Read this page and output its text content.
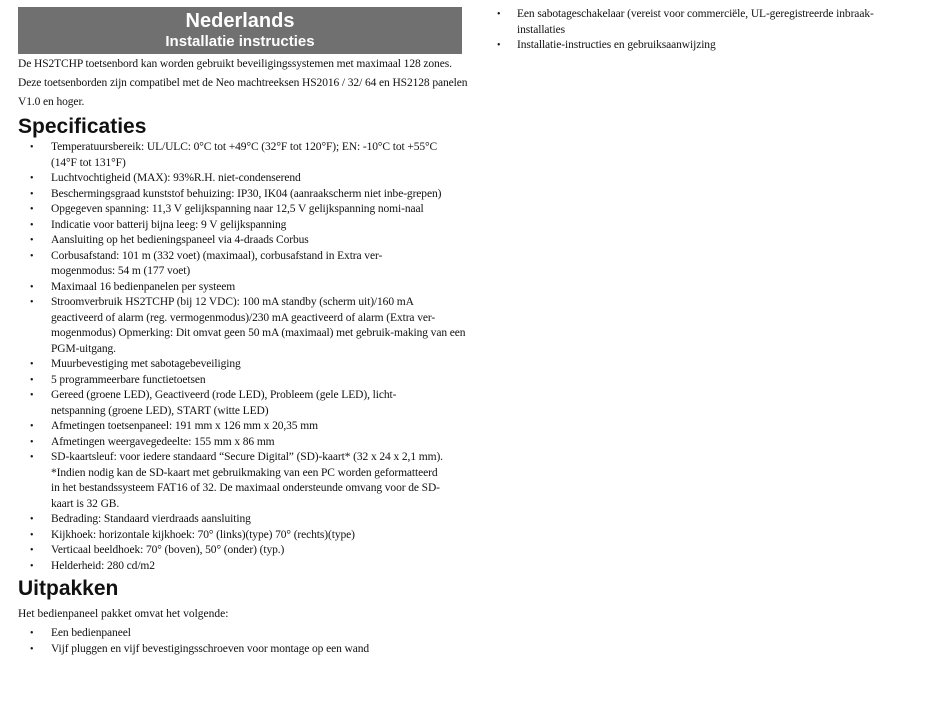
Nederlands
Installatie instructies

De HS2TCHP toetsenbord kan worden gebruikt beveiligingssystemen met maximaal 128 zones. Deze toetsenborden zijn compatibel met de Neo machtreeksen HS2016 / 32/ 64 en HS2128 panelen V1.0 en hoger.

Specificaties
• Temperatuursbereik: UL/ULC: 0°C tot +49°C (32°F tot 120°F); EN: -10°C tot +55°C (14°F tot 131°F)
• Luchtvochtigheid (MAX): 93%R.H. niet-condenserend
• Beschermingsgraad kunststof behuizing: IP30, IK04 (aanraakscherm niet inbe-grepen)
• Opgegeven spanning: 11,3 V gelijkspanning naar 12,5 V gelijkspanning nomi-naal
• Indicatie voor batterij bijna leeg: 9 V gelijkspanning
• Aansluiting op het bedieningspaneel via 4-draads Corbus
• Corbusafstand: 101 m (332 voet) (maximaal), corbusafstand in Extra ver-mogenmodus: 54 m (177 voet)
• Maximaal 16 bedienpanelen per systeem
• Stroomverbruik HS2TCHP (bij 12 VDC): 100 mA standby (scherm uit)/160 mA geactiveerd of alarm (reg. vermogenmodus)/230 mA geactiveerd of alarm (Extra ver-mogenmodus) Opmerking: Dit omvat geen 50 mA (maximaal) met gebruik-making van een PGM-uitgang.
• Muurbevestiging met sabotagebeveiliging
• 5 programmeerbare functietoetsen
• Gereed (groene LED), Geactiveerd (rode LED), Probleem (gele LED), licht-netspanning (groene LED), START (witte LED)
• Afmetingen toetsenpaneel: 191 mm x 126 mm x 20,35 mm
• Afmetingen weergavegedeelte: 155 mm x 86 mm
• SD-kaartsleuf: voor iedere standaard “Secure Digital” (SD)-kaart* (32 x 24 x 2,1 mm). *Indien nodig kan de SD-kaart met gebruikmaking van een PC worden geformatteerd in het bestandssysteem FAT16 of 32. De maximaal ondersteunde omvang voor de SD-kaart is 32 GB.
• Bedrading: Standaard vierdraads aansluiting
• Kijkhoek: horizontale kijkhoek: 70° (links)(type) 70° (rechts)(type)
• Verticaal beeldhoek: 70° (boven), 50° (onder) (typ.)
• Helderheid: 280 cd/m2
Uitpakken

Het bedienpaneel pakket omvat het volgende:

• Een bedienpaneel
• Vijf pluggen en vijf bevestigingsschroeven voor montage op een wand
• Een sabotageschakelaar (vereist voor commerciële, UL-geregistreerde inbraak-installaties
• Installatie-instructies en gebruiksaanwijzing
